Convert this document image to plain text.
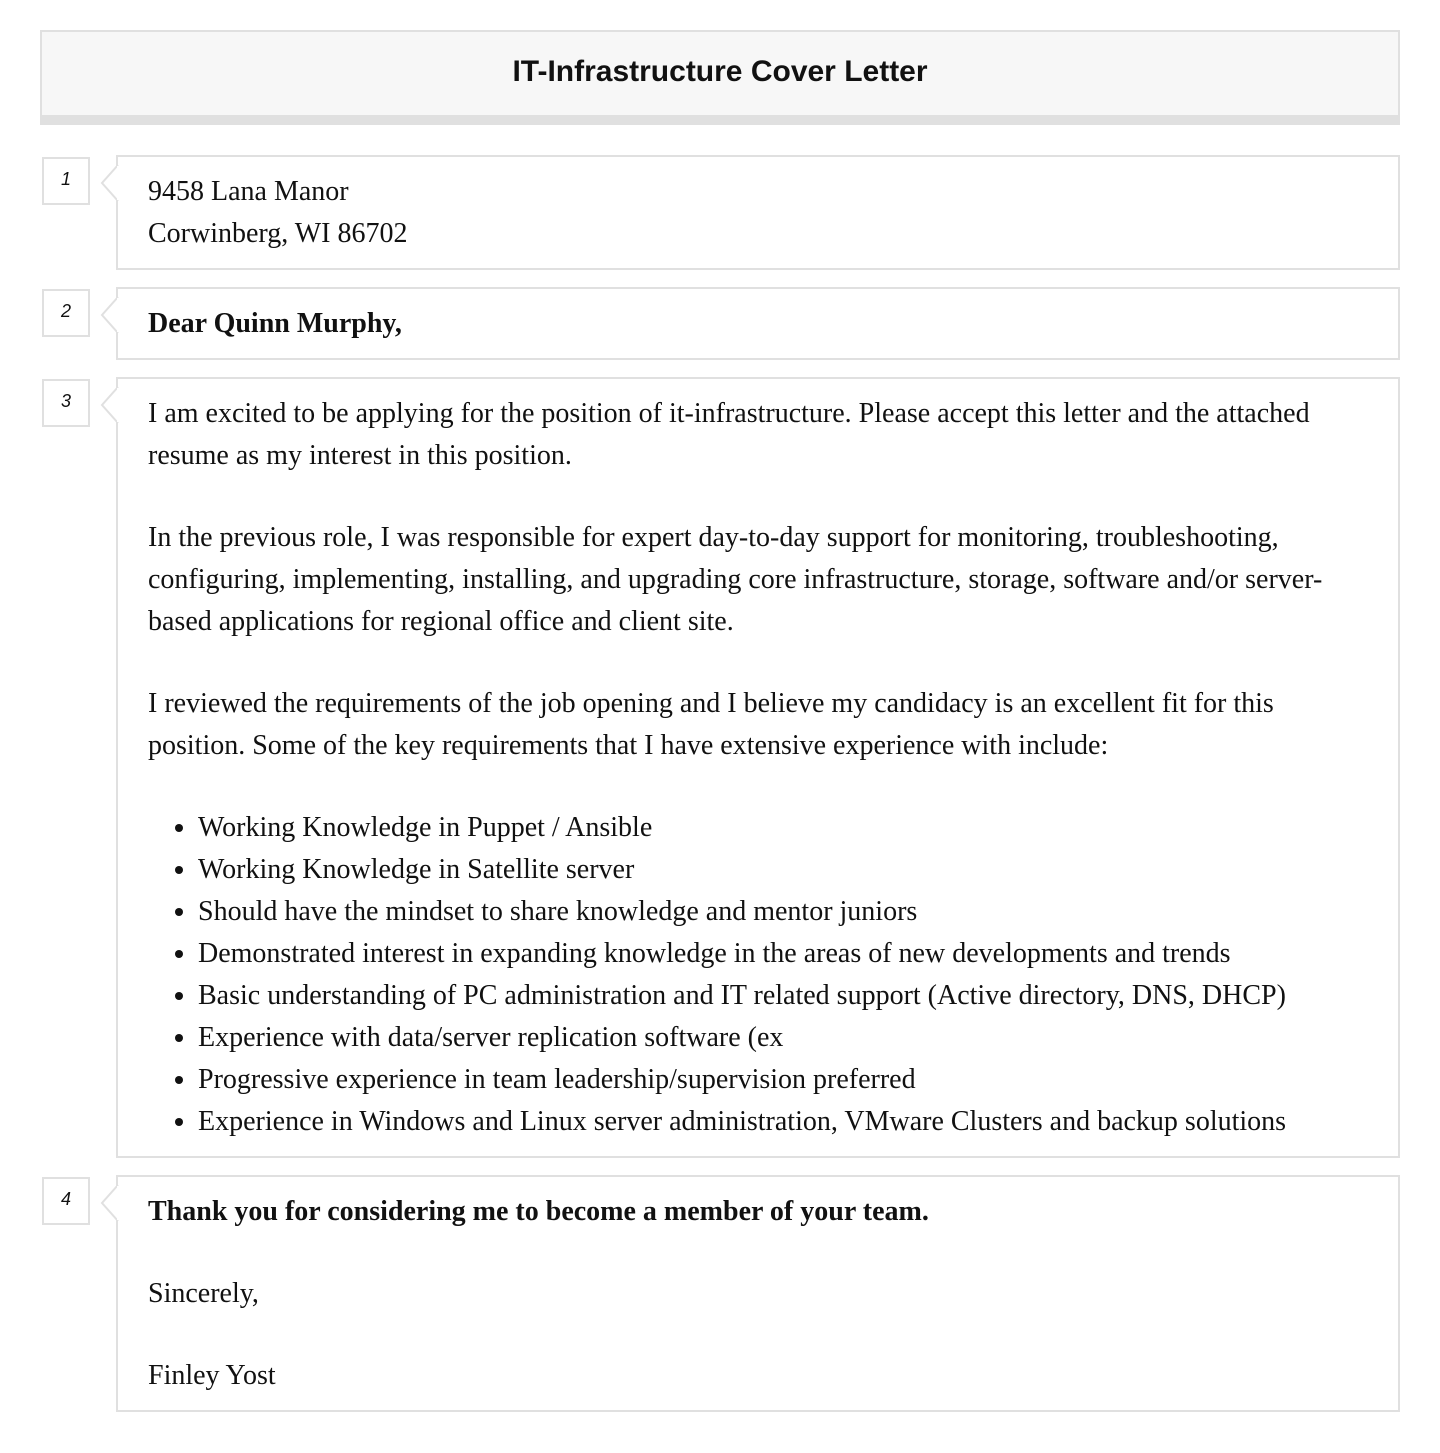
IT-Infrastructure Cover Letter
1	9458 Lana Manor
Corwinberg, WI 86702
2	Dear Quinn Murphy,

3	I am excited to be applying for the position of it-infrastructure. Please accept this letter and the attached resume as my interest in this position.

In the previous role, I was responsible for expert day-to-day support for monitoring, troubleshooting, configuring, implementing, installing, and upgrading core infrastructure, storage, software and/or server-based applications for regional office and client site.

I reviewed the requirements of the job opening and I believe my candidacy is an excellent fit for this position. Some of the key requirements that I have extensive experience with include:

• Working Knowledge in Puppet / Ansible
• Working Knowledge in Satellite server
• Should have the mindset to share knowledge and mentor juniors
• Demonstrated interest in expanding knowledge in the areas of new developments and trends
• Basic understanding of PC administration and IT related support (Active directory, DNS, DHCP)
• Experience with data/server replication software (ex
• Progressive experience in team leadership/supervision preferred
• Experience in Windows and Linux server administration, VMware Clusters and backup solutions
4	Thank you for considering me to become a member of your team.

Sincerely,

Finley Yost
